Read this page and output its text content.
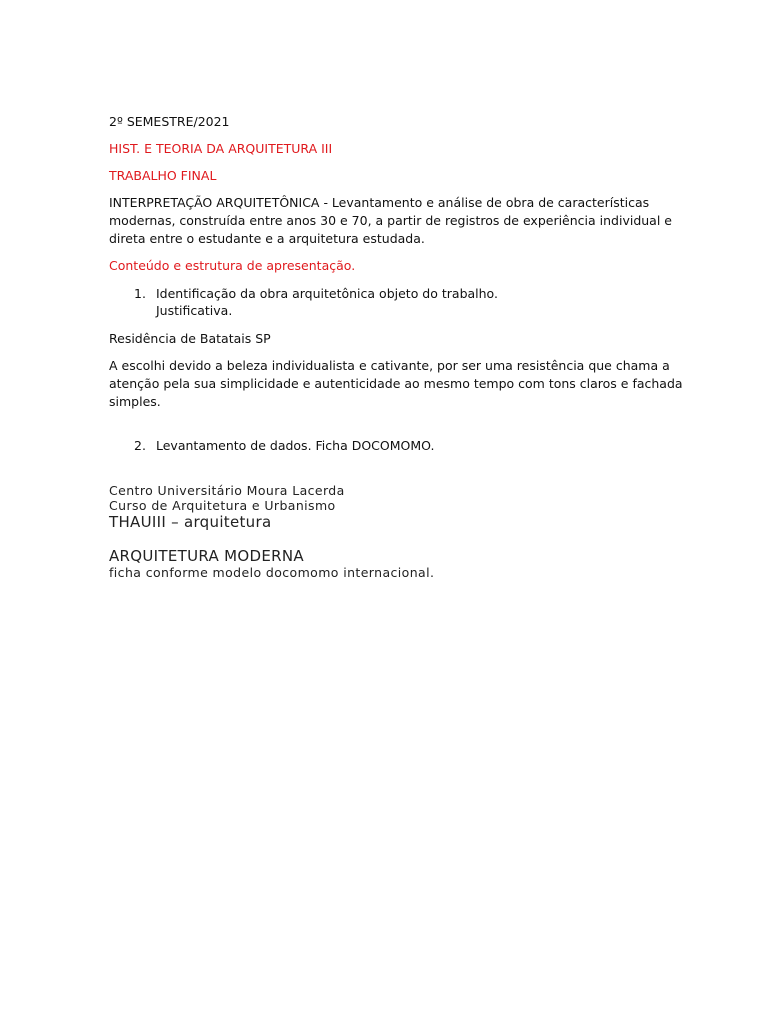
2º SEMESTRE/2021
HIST. E TEORIA DA ARQUITETURA III
TRABALHO FINAL
INTERPRETAÇÃO ARQUITETÔNICA - Levantamento e análise de obra de características
modernas, construída entre anos 30 e 70, a partir de registros de experiência individual e
direta entre o estudante e a arquitetura estudada.
Conteúdo e estrutura de apresentação.
1. Identificação da obra arquitetônica objeto do trabalho.
Justificativa.
Residência de Batatais SP
A escolhi devido a beleza individualista e cativante, por ser uma resistência que chama a
atenção pela sua simplicidade e autenticidade ao mesmo tempo com tons claros e fachada
simples.
2. Levantamento de dados. Ficha DOCOMOMO.
Centro Universitário Moura Lacerda
Curso de Arquitetura e Urbanismo
THAUIII – arquitetura
ARQUITETURA MODERNA
ficha conforme modelo docomomo internacional.
